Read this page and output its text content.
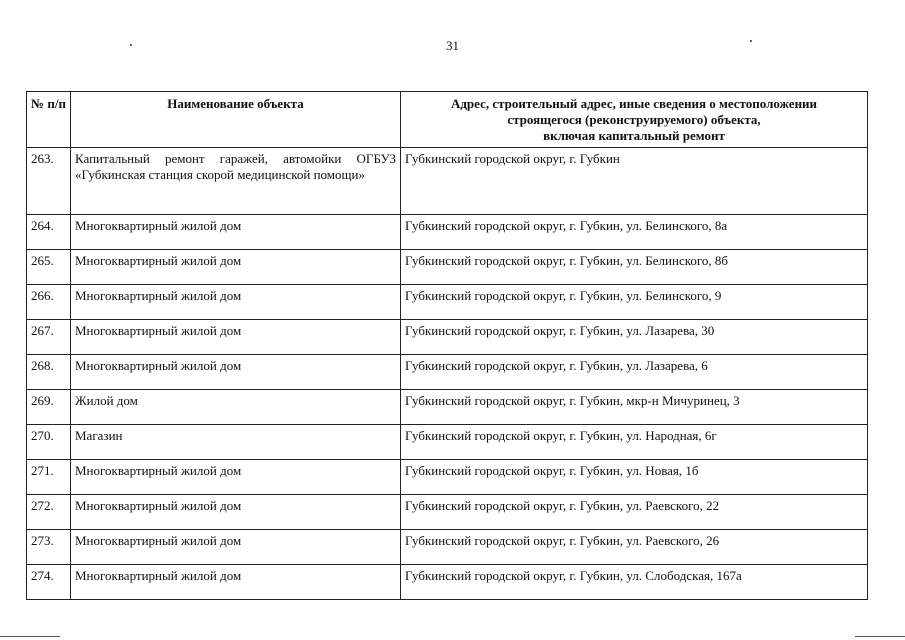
31
№ п/п	Наименование объекта	Адрес, строительный адрес, иные сведения о местоположении
строящегося (реконструируемого) объекта,
включая капитальный ремонт

263.	Капитальный ремонт гаражей, автомойки ОГБУЗ «Губкинская станция скорой медицинской помощи»	Губкинский городской округ, г. Губкин
264.	Многоквартирный жилой дом	Губкинский городской округ, г. Губкин, ул. Белинского, 8а
265.	Многоквартирный жилой дом	Губкинский городской округ, г. Губкин, ул. Белинского, 8б
266.	Многоквартирный жилой дом	Губкинский городской округ, г. Губкин, ул. Белинского, 9
267.	Многоквартирный жилой дом	Губкинский городской округ, г. Губкин, ул. Лазарева, 30
268.	Многоквартирный жилой дом	Губкинский городской округ, г. Губкин, ул. Лазарева, 6
269.	Жилой дом	Губкинский городской округ, г. Губкин, мкр-н Мичуринец, 3
270.	Магазин	Губкинский городской округ, г. Губкин, ул. Народная, 6г
271.	Многоквартирный жилой дом	Губкинский городской округ, г. Губкин, ул. Новая, 1б
272.	Многоквартирный жилой дом	Губкинский городской округ, г. Губкин, ул. Раевского, 22
273.	Многоквартирный жилой дом	Губкинский городской округ, г. Губкин, ул. Раевского, 26
274.	Многоквартирный жилой дом	Губкинский городской округ, г. Губкин, ул. Слободская, 167а
